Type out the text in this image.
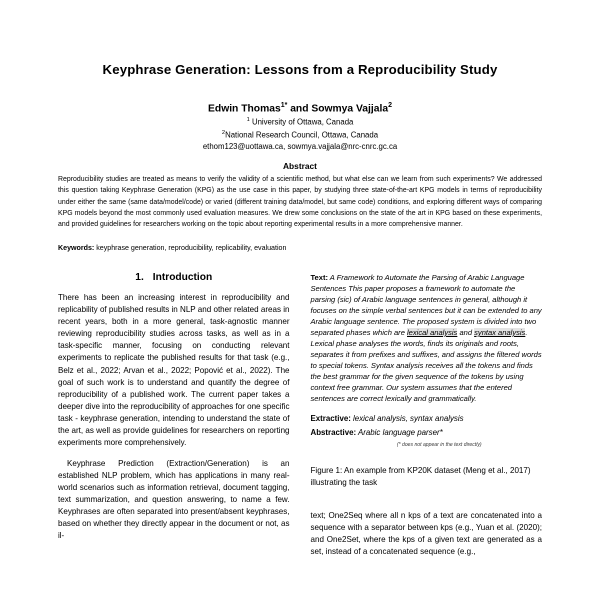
Keyphrase Generation: Lessons from a Reproducibility Study
Edwin Thomas$^{1*}$ and Sowmya Vajjala$^2$
$^1$ University of Ottawa, Canada
$^2$National Research Council, Ottawa, Canada
ethom123@uottawa.ca, sowmya.vajjala@nrc-cnrc.gc.ca
Abstract

Reproducibility studies are treated as means to verify the validity of a scientific method, but what else can we learn from such experiments? We addressed this question taking Keyphrase Generation (KPG) as the use case in this paper, by studying three state-of-the-art KPG models in terms of reproducibility under either the same (same data/model/code) or varied (different training data/model, but same code) conditions, and exploring different ways of comparing KPG models beyond the most commonly used evaluation measures. We drew some conclusions on the state of the art in KPG based on these experiments, and provided guidelines for researchers working on the topic about reporting experimental results in a more comprehensive manner.

Keywords: keyphrase generation, reproducibility, replicability, evaluation

1. Introduction

There has been an increasing interest in reproducibility and replicability of published results in NLP and other related areas in recent years, both in a more general, task-agnostic manner reviewing reproducibility studies across tasks, as well as in a task-specific manner, focusing on conducting relevant experiments to replicate the published results for that task (e.g., Belz et al., 2022; Arvan et al., 2022; Popović et al., 2022). The goal of such work is to understand and quantify the degree of reproducibility of a published work. The current paper takes a deeper dive into the reproducibility of approaches for one specific task - keyphrase generation, intending to understand the state of the art, as well as provide guidelines for researchers on reporting experiments more comprehensively.

Keyphrase Prediction (Extraction/Generation) is an established NLP problem, which has applications in many real-world scenarios such as information retrieval, document tagging, text summarization, and question answering, to name a few. Keyphrases are often separated into present/absent keyphrases, based on whether they directly appear in the document or not, as il-

Text: A Framework to Automate the Parsing of Arabic Language Sentences This paper proposes a framework to automate the parsing (sic) of Arabic language sentences in general, although it focuses on the simple verbal sentences but it can be extended to any Arabic language sentence. The proposed system is divided into two separated phases which are lexical analysis and syntax analysis. Lexical phase analyses the words, finds its originals and roots, separates it from prefixes and suffixes, and assigns the filtered words to special tokens. Syntax analysis receives all the tokens and finds the best grammar for the given sequence of the tokens by using context free grammar. Our system assumes that the entered sentences are correct lexically and grammatically.

Extractive: lexical analysis, syntax analysis

Abstractive: Arabic language parser*

(* does not appear in the text directly)

Figure 1: An example from KP20K dataset (Meng et al., 2017) illustrating the task

text; One2Seq where all n kps of a text are concatenated into a sequence with a separator between kps (e.g., Yuan et al. (2020); and One2Set, where the kps of a given text are generated as a set, instead of a concatenated sequence (e.g.,
